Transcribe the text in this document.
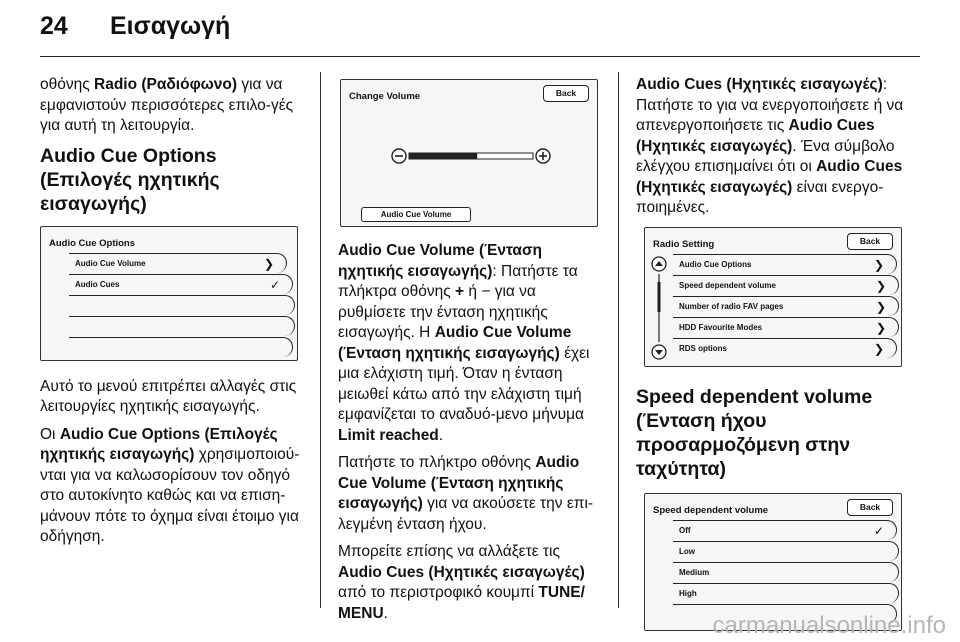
24 Εισαγωγή

οθόνης Radio (Ραδιόφωνο) για να εμφανιστούν περισσότερες επιλο-γές για αυτή τη λειτουργία.

Audio Cue Options (Επιλογές ηχητικής εισαγωγής)
Audio Cue Options
Audio Cue Volume	❯
Audio Cues	✓

Αυτό το μενού επιτρέπει αλλαγές στις λειτουργίες ηχητικής εισαγωγής.

Οι Audio Cue Options (Επιλογές ηχητικής εισαγωγής) χρησιμοποιού-νται για να καλωσορίσουν τον οδηγό στο αυτοκίνητο καθώς και να επιση-μάνουν πότε το όχημα είναι έτοιμο για οδήγηση.

Change Volume	Back
Audio Cue Volume

Audio Cue Volume (Ένταση ηχητικής εισαγωγής): Πατήστε τα πλήκτρα οθόνης + ή − για να ρυθμίσετε την ένταση ηχητικής εισαγωγής. Η Audio Cue Volume (Ένταση ηχητικής εισαγωγής) έχει μια ελάχιστη τιμή. Όταν η ένταση μειωθεί κάτω από την ελάχιστη τιμή εμφανίζεται το αναδυό-μενο μήνυμα Limit reached.

Πατήστε το πλήκτρο οθόνης Audio Cue Volume (Ένταση ηχητικής εισαγωγής) για να ακούσετε την επι-λεγμένη ένταση ήχου.

Μπορείτε επίσης να αλλάξετε τις Audio Cues (Ηχητικές εισαγωγές) από το περιστροφικό κουμπί TUNE/ MENU.

Audio Cues (Ηχητικές εισαγωγές): Πατήστε το για να ενεργοποιήσετε ή να απενεργοποιήσετε τις Audio Cues (Ηχητικές εισαγωγές). Ένα σύμβολο ελέγχου επισημαίνει ότι οι Audio Cues (Ηχητικές εισαγωγές) είναι ενεργο-ποιημένες.

Radio Setting	Back
Audio Cue Options	❯
Speed dependent volume	❯
Number of radio FAV pages	❯
HDD Favourite Modes	❯
RDS options	❯
Speed dependent volume (Ένταση ήχου προσαρμοζόμενη στην ταχύτητα)
Speed dependent volume	Back
Off	✓
Low
Medium
High
carmanualsonline.info
